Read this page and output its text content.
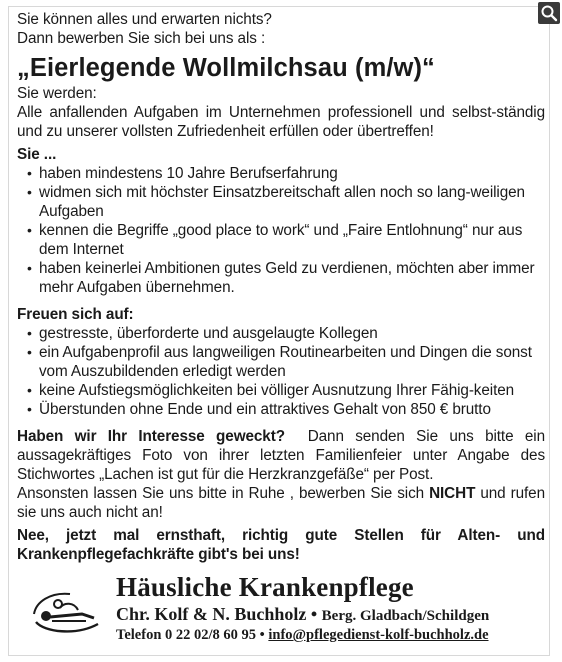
Sie können alles und erwarten nichts?

Dann bewerben Sie sich bei uns als :

„Eierlegende Wollmilchsau (m/w)“

Sie werden:

Alle anfallenden Aufgaben im Unternehmen professionell und selbst-ständig und zu unserer vollsten Zufriedenheit erfüllen oder übertreffen!

Sie ...

• haben mindestens 10 Jahre Berufserfahrung
• widmen sich mit höchster Einsatzbereitschaft allen noch so lang-weiligen Aufgaben
• kennen die Begriffe „good place to work“ und „Faire Entlohnung“ nur aus dem Internet
• haben keinerlei Ambitionen gutes Geld zu verdienen, möchten aber immer mehr Aufgaben übernehmen.

Freuen sich auf:

• gestresste, überforderte und ausgelaugte Kollegen
• ein Aufgabenprofil aus langweiligen Routinearbeiten und Dingen die sonst vom Auszubildenden erledigt werden
• keine Aufstiegsmöglichkeiten bei völliger Ausnutzung Ihrer Fähig-keiten
• Überstunden ohne Ende und ein attraktives Gehalt von 850 € brutto

Haben wir Ihr Interesse geweckt? Dann senden Sie uns bitte ein aussagekräftiges Foto von ihrer letzten Familienfeier unter Angabe des Stichwortes „Lachen ist gut für die Herzkranzgefäße“ per Post.

Ansonsten lassen Sie uns bitte in Ruhe , bewerben Sie sich NICHT und rufen sie uns auch nicht an!

Nee, jetzt mal ernsthaft, richtig gute Stellen für Alten- und Krankenpflegefachkräfte gibt's bei uns!

Häusliche Krankenpflege
Chr. Kolf & N. Buchholz • Berg. Gladbach/Schildgen
Telefon 0 22 02/8 60 95 • info@pflegedienst-kolf-buchholz.de
